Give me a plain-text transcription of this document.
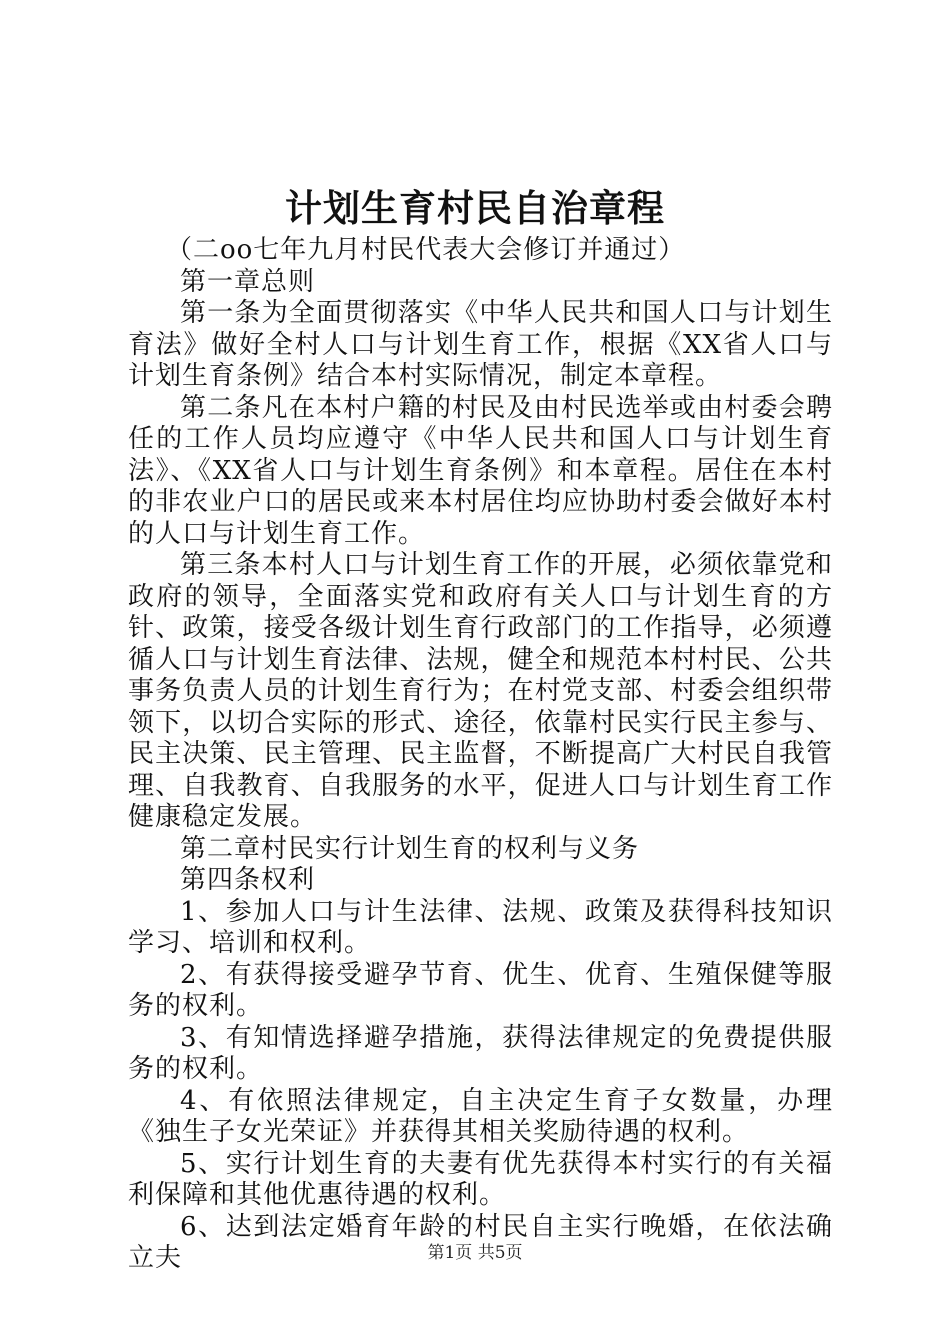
计划生育村民自治章程

（二oo七年九月村民代表大会修订并通过）

第一章总则

第一条为全面贯彻落实《中华人民共和国人口与计划生育法》做好全村人口与计划生育工作，根据《XX省人口与计划生育条例》结合本村实际情况，制定本章程。

第二条凡在本村户籍的村民及由村民选举或由村委会聘任的工作人员均应遵守《中华人民共和国人口与计划生育法》、《XX省人口与计划生育条例》和本章程。居住在本村的非农业户口的居民或来本村居住均应协助村委会做好本村的人口与计划生育工作。

第三条本村人口与计划生育工作的开展，必须依靠党和政府的领导，全面落实党和政府有关人口与计划生育的方针、政策，接受各级计划生育行政部门的工作指导，必须遵循人口与计划生育法律、法规，健全和规范本村村民、公共事务负责人员的计划生育行为；在村党支部、村委会组织带领下，以切合实际的形式、途径，依靠村民实行民主参与、民主决策、民主管理、民主监督，不断提高广大村民自我管理、自我教育、自我服务的水平，促进人口与计划生育工作健康稳定发展。

第二章村民实行计划生育的权利与义务

第四条权利

1、参加人口与计生法律、法规、政策及获得科技知识学习、培训和权利。

2、有获得接受避孕节育、优生、优育、生殖保健等服务的权利。

3、有知情选择避孕措施，获得法律规定的免费提供服务的权利。

4、有依照法律规定，自主决定生育子女数量，办理《独生子女光荣证》并获得其相关奖励待遇的权利。

5、实行计划生育的夫妻有优先获得本村实行的有关福利保障和其他优惠待遇的权利。

6、达到法定婚育年龄的村民自主实行晚婚，在依法确立夫	第1页 共5页
